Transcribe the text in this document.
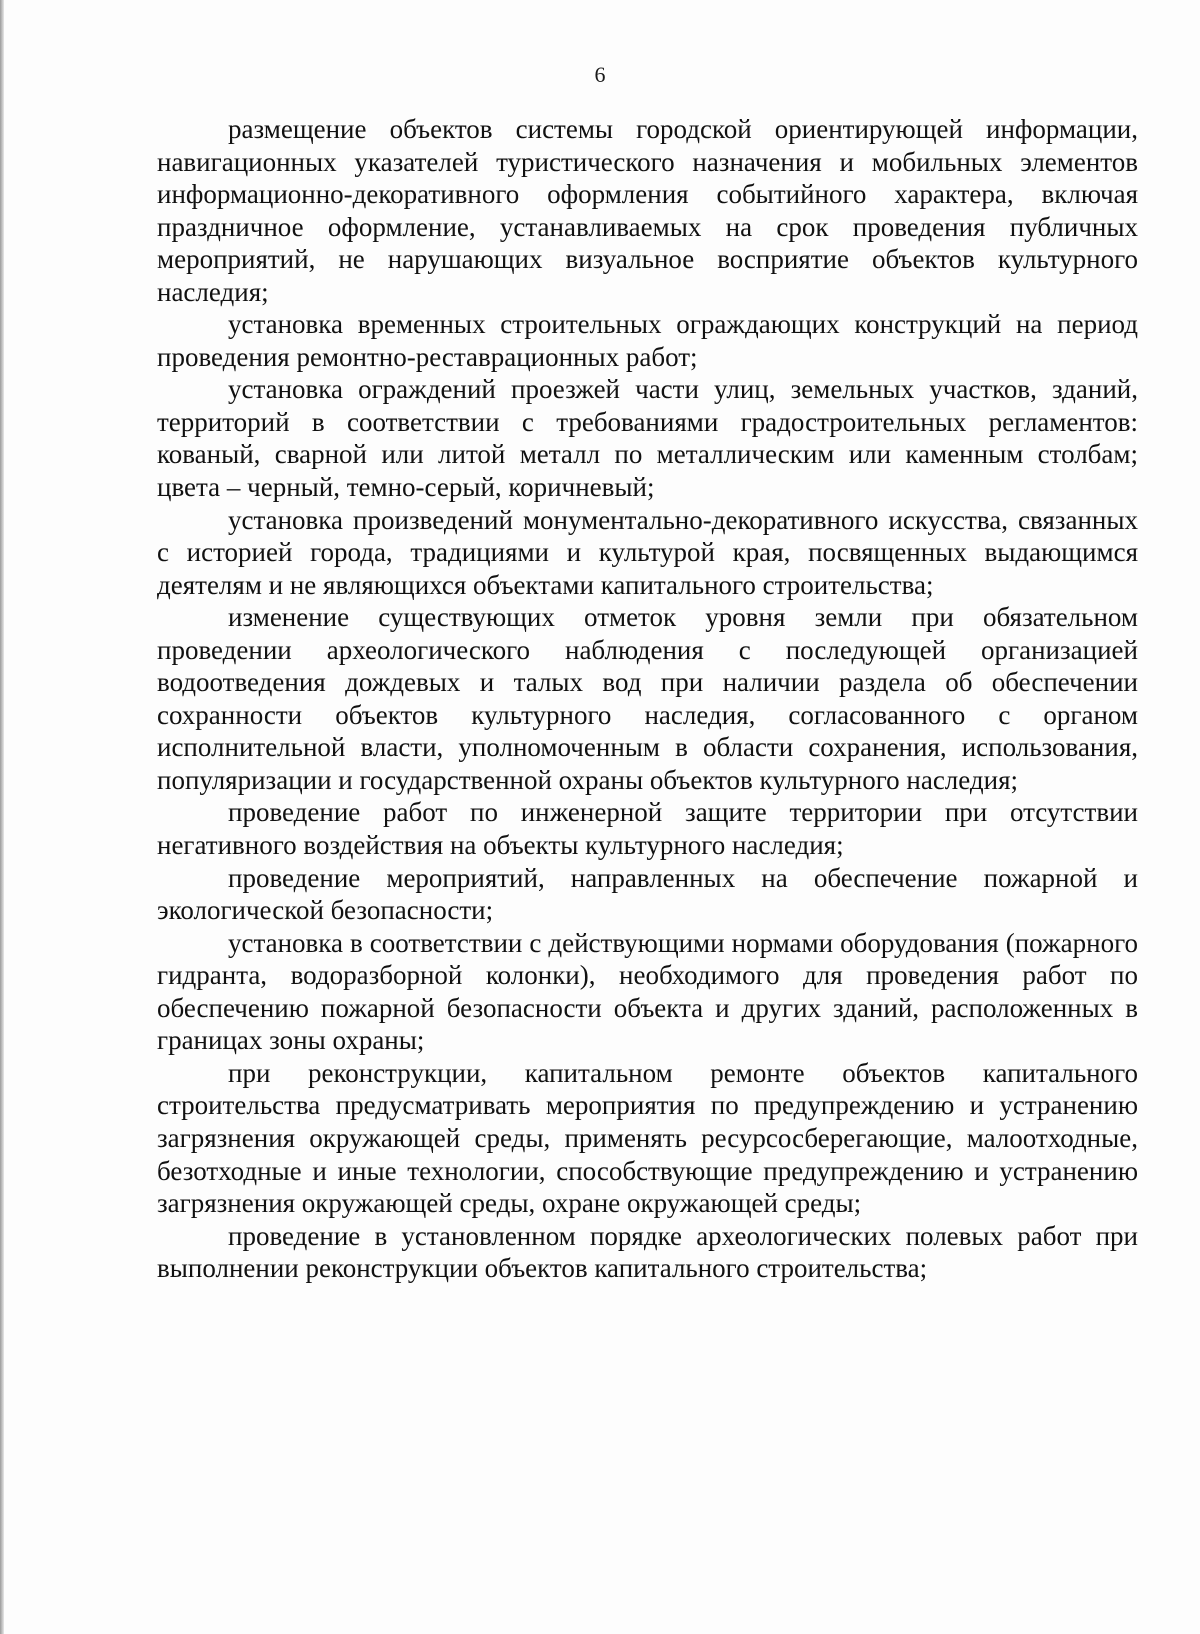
6

размещение объектов системы городской ориентирующей информации, навигационных указателей туристического назначения и мобильных элементов информационно-декоративного оформления событийного характера, включая праздничное оформление, устанавливаемых на срок проведения публичных мероприятий, не нарушающих визуальное восприятие объектов культурного наследия;

установка временных строительных ограждающих конструкций на период проведения ремонтно-реставрационных работ;

установка ограждений проезжей части улиц, земельных участков, зданий, территорий в соответствии с требованиями градостроительных регламентов: кованый, сварной или литой металл по металлическим или каменным столбам; цвета – черный, темно-серый, коричневый;

установка произведений монументально-декоративного искусства, связанных с историей города, традициями и культурой края, посвященных выдающимся деятелям и не являющихся объектами капитального строительства;

изменение существующих отметок уровня земли при обязательном проведении археологического наблюдения с последующей организацией водоотведения дождевых и талых вод при наличии раздела об обеспечении сохранности объектов культурного наследия, согласованного с органом исполнительной власти, уполномоченным в области сохранения, использования, популяризации и государственной охраны объектов культурного наследия;

проведение работ по инженерной защите территории при отсутствии негативного воздействия на объекты культурного наследия;

проведение мероприятий, направленных на обеспечение пожарной и экологической безопасности;

установка в соответствии с действующими нормами оборудования (пожарного гидранта, водоразборной колонки), необходимого для проведения работ по обеспечению пожарной безопасности объекта и других зданий, расположенных в границах зоны охраны;

при реконструкции, капитальном ремонте объектов капитального строительства предусматривать мероприятия по предупреждению и устранению загрязнения окружающей среды, применять ресурсосберегающие, малоотходные, безотходные и иные технологии, способствующие предупреждению и устранению загрязнения окружающей среды, охране окружающей среды;

проведение в установленном порядке археологических полевых работ при выполнении реконструкции объектов капитального строительства;
